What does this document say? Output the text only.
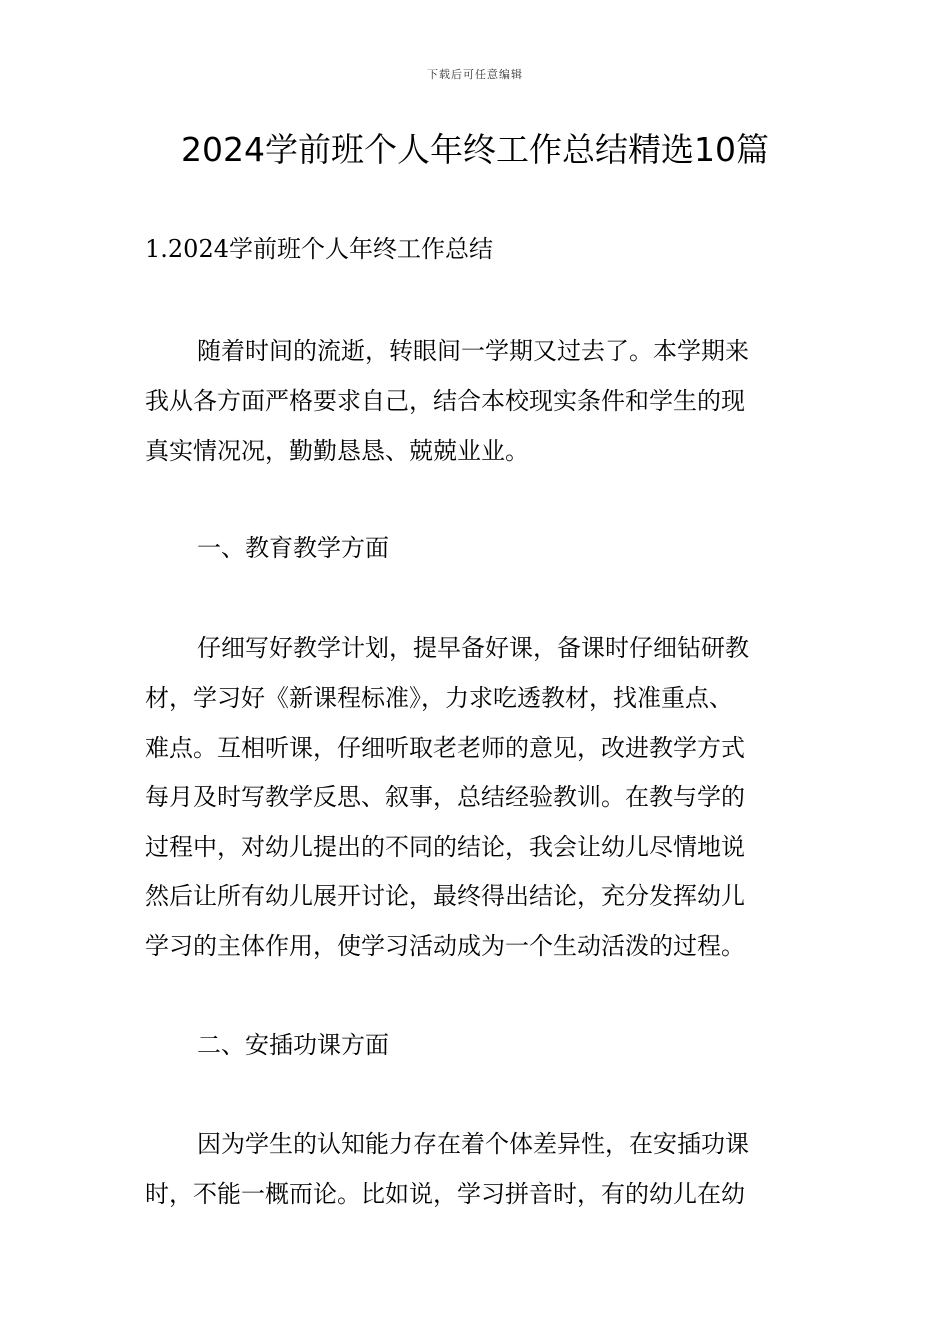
下载后可任意编辑
2024学前班个人年终工作总结精选10篇
1.2024学前班个人年终工作总结
随着时间的流逝，转眼间一学期又过去了。本学期来
我从各方面严格要求自己，结合本校现实条件和学生的现
真实情况况，勤勤恳恳、兢兢业业。
一、教育教学方面
仔细写好教学计划，提早备好课，备课时仔细钻研教
材，学习好《新课程标准》，力求吃透教材，找准重点、
难点。互相听课，仔细听取老老师的意见，改进教学方式
每月及时写教学反思、叙事，总结经验教训。在教与学的
过程中，对幼儿提出的不同的结论，我会让幼儿尽情地说
然后让所有幼儿展开讨论，最终得出结论，充分发挥幼儿
学习的主体作用，使学习活动成为一个生动活泼的过程。
二、安插功课方面
因为学生的认知能力存在着个体差异性，在安插功课
时，不能一概而论。比如说，学习拼音时，有的幼儿在幼
